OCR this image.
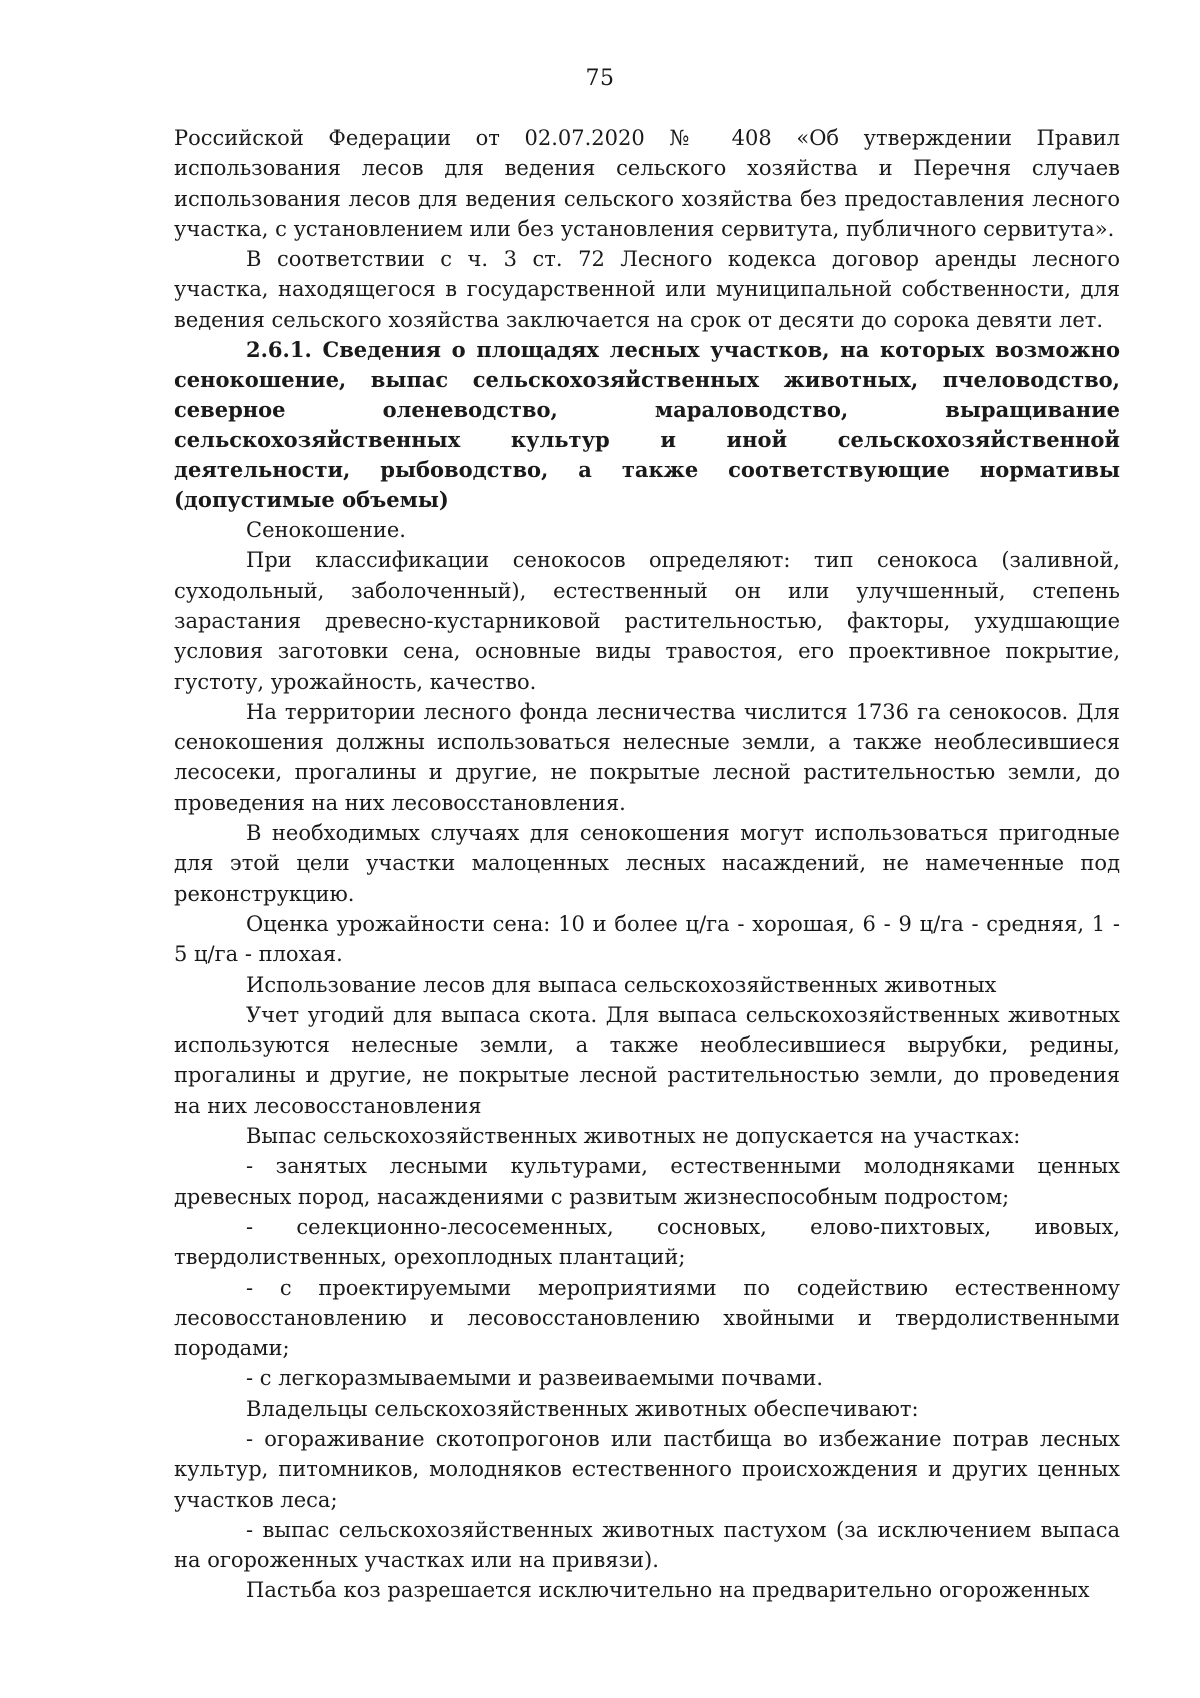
75

Российской Федерации от 02.07.2020 № 408 «Об утверждении Правил использования лесов для ведения сельского хозяйства и Перечня случаев использования лесов для ведения сельского хозяйства без предоставления лесного участка, с установлением или без установления сервитута, публичного сервитута».

В соответствии с ч. 3 ст. 72 Лесного кодекса договор аренды лесного участка, находящегося в государственной или муниципальной собственности, для ведения сельского хозяйства заключается на срок от десяти до сорока девяти лет.

2.6.1. Сведения о площадях лесных участков, на которых возможно сенокошение, выпас сельскохозяйственных животных, пчеловодство, северное оленеводство, мараловодство, выращивание сельскохозяйственных культур и иной сельскохозяйственной деятельности, рыбоводство, а также соответствующие нормативы (допустимые объемы)

Сенокошение.

При классификации сенокосов определяют: тип сенокоса (заливной, суходольный, заболоченный), естественный он или улучшенный, степень зарастания древесно-кустарниковой растительностью, факторы, ухудшающие условия заготовки сена, основные виды травостоя, его проективное покрытие, густоту, урожайность, качество.

На территории лесного фонда лесничества числится 1736 га сенокосов. Для сенокошения должны использоваться нелесные земли, а также необлесившиеся лесосеки, прогалины и другие, не покрытые лесной растительностью земли, до проведения на них лесовосстановления.

В необходимых случаях для сенокошения могут использоваться пригодные для этой цели участки малоценных лесных насаждений, не намеченные под реконструкцию.

Оценка урожайности сена: 10 и более ц/га - хорошая, 6 - 9 ц/га - средняя, 1 - 5 ц/га - плохая.

Использование лесов для выпаса сельскохозяйственных животных

Учет угодий для выпаса скота. Для выпаса сельскохозяйственных животных используются нелесные земли, а также необлесившиеся вырубки, редины, прогалины и другие, не покрытые лесной растительностью земли, до проведения на них лесовосстановления

Выпас сельскохозяйственных животных не допускается на участках:

- занятых лесными культурами, естественными молодняками ценных древесных пород, насаждениями с развитым жизнеспособным подростом;

- селекционно-лесосеменных, сосновых, елово-пихтовых, ивовых, твердолиственных, орехоплодных плантаций;

- с проектируемыми мероприятиями по содействию естественному лесовосстановлению и лесовосстановлению хвойными и твердолиственными породами;

- с легкоразмываемыми и развеиваемыми почвами.

Владельцы сельскохозяйственных животных обеспечивают:

- огораживание скотопрогонов или пастбища во избежание потрав лесных культур, питомников, молодняков естественного происхождения и других ценных участков леса;

- выпас сельскохозяйственных животных пастухом (за исключением выпаса на огороженных участках или на привязи).

Пастьба коз разрешается исключительно на предварительно огороженных
